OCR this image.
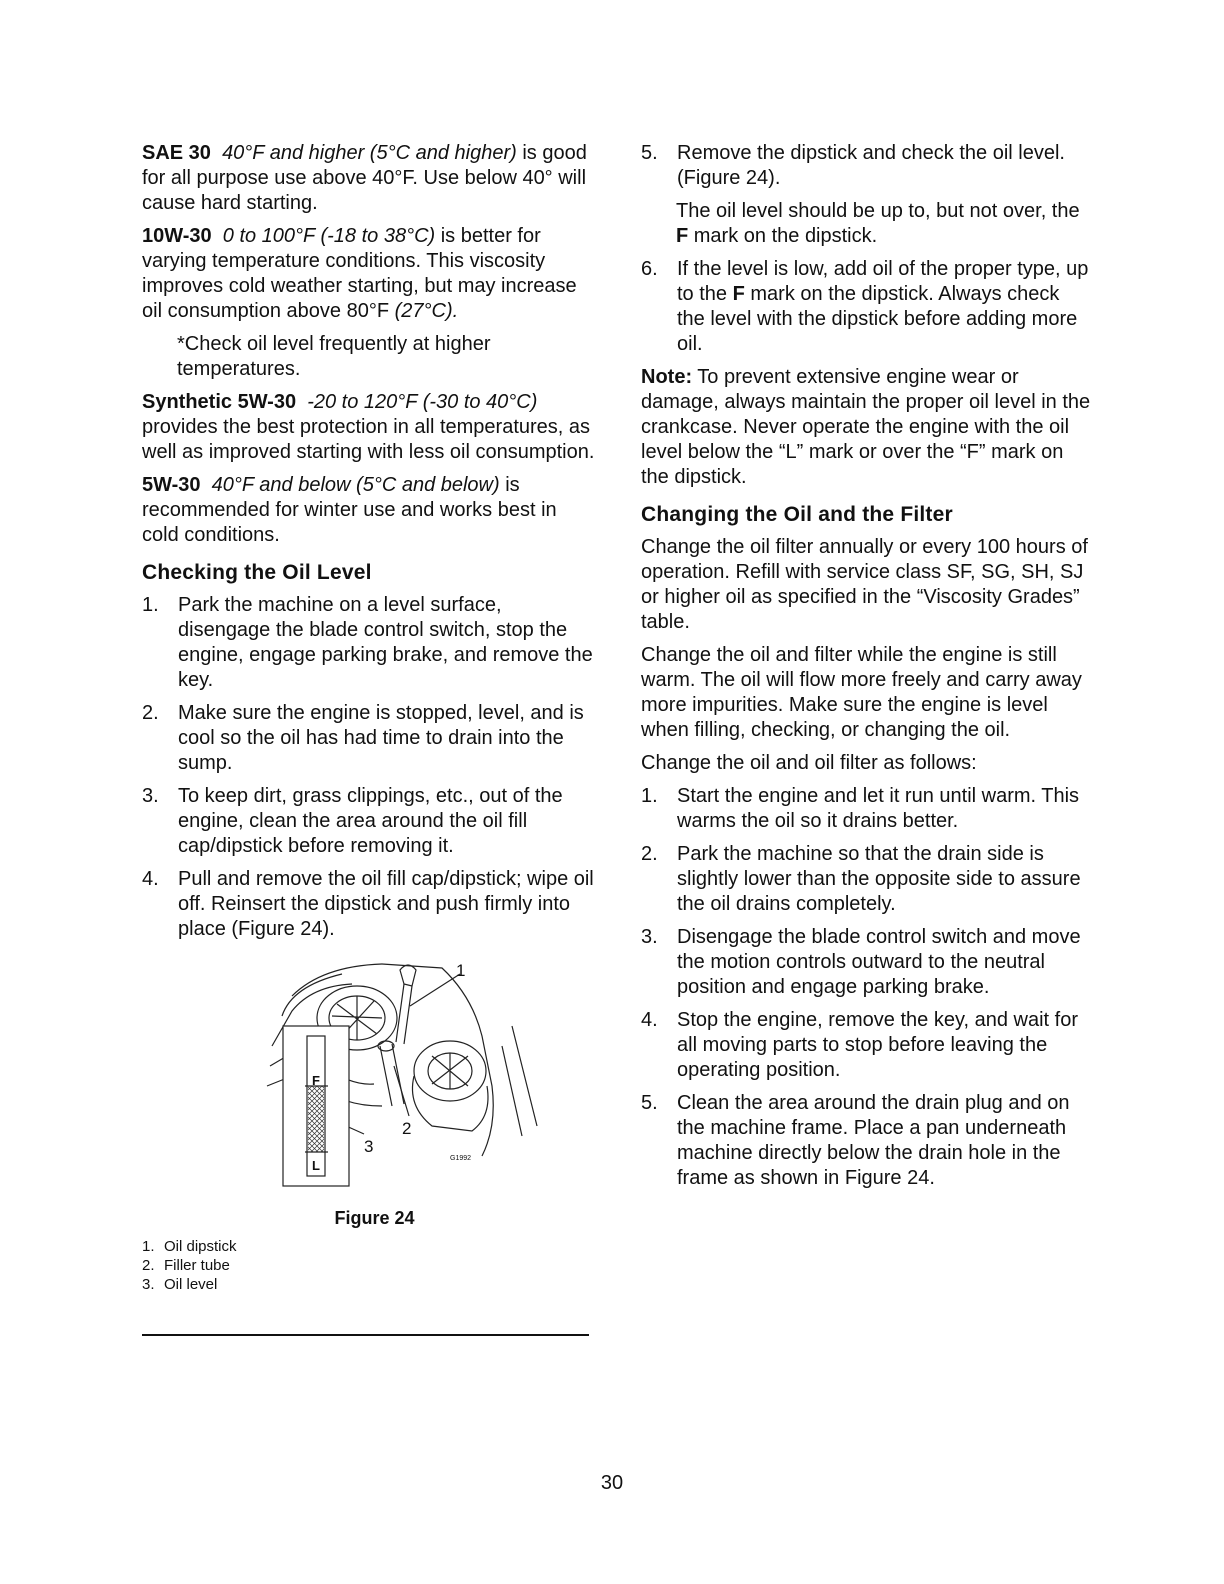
SAE 30 40°F and higher (5°C and higher) is good for all purpose use above 40°F. Use below 40° will cause hard starting.

10W-30 0 to 100°F (-18 to 38°C) is better for varying temperature conditions. This viscosity improves cold weather starting, but may increase oil consumption above 80°F (27°C).

*Check oil level frequently at higher temperatures.

Synthetic 5W-30 -20 to 120°F (-30 to 40°C) provides the best protection in all temperatures, as well as improved starting with less oil consumption.

5W-30 40°F and below (5°C and below) is recommended for winter use and works best in cold conditions.

Checking the Oil Level
1. Park the machine on a level surface, disengage the blade control switch, stop the engine, engage parking brake, and remove the key.
2. Make sure the engine is stopped, level, and is cool so the oil has had time to drain into the sump.
3. To keep dirt, grass clippings, etc., out of the engine, clean the area around the oil fill cap/dipstick before removing it.
4. Pull and remove the oil fill cap/dipstick; wipe oil off. Reinsert the dipstick and push firmly into place (Figure 24).
F
L
1
2
3
G1992
Figure 24
1. Oil dipstick
2. Filler tube
3. Oil level
5. Remove the dipstick and check the oil level. (Figure 24).

The oil level should be up to, but not over, the F mark on the dipstick.

6. If the level is low, add oil of the proper type, up to the F mark on the dipstick. Always check the level with the dipstick before adding more oil.

Note: To prevent extensive engine wear or damage, always maintain the proper oil level in the crankcase. Never operate the engine with the oil level below the “L” mark or over the “F” mark on the dipstick.

Changing the Oil and the Filter

Change the oil filter annually or every 100 hours of operation. Refill with service class SF, SG, SH, SJ or higher oil as specified in the “Viscosity Grades” table.

Change the oil and filter while the engine is still warm. The oil will flow more freely and carry away more impurities. Make sure the engine is level when filling, checking, or changing the oil.

Change the oil and oil filter as follows:

1. Start the engine and let it run until warm. This warms the oil so it drains better.
2. Park the machine so that the drain side is slightly lower than the opposite side to assure the oil drains completely.
3. Disengage the blade control switch and move the motion controls outward to the neutral position and engage parking brake.
4. Stop the engine, remove the key, and wait for all moving parts to stop before leaving the operating position.
5. Clean the area around the drain plug and on the machine frame. Place a pan underneath machine directly below the drain hole in the frame as shown in Figure 24.
30
